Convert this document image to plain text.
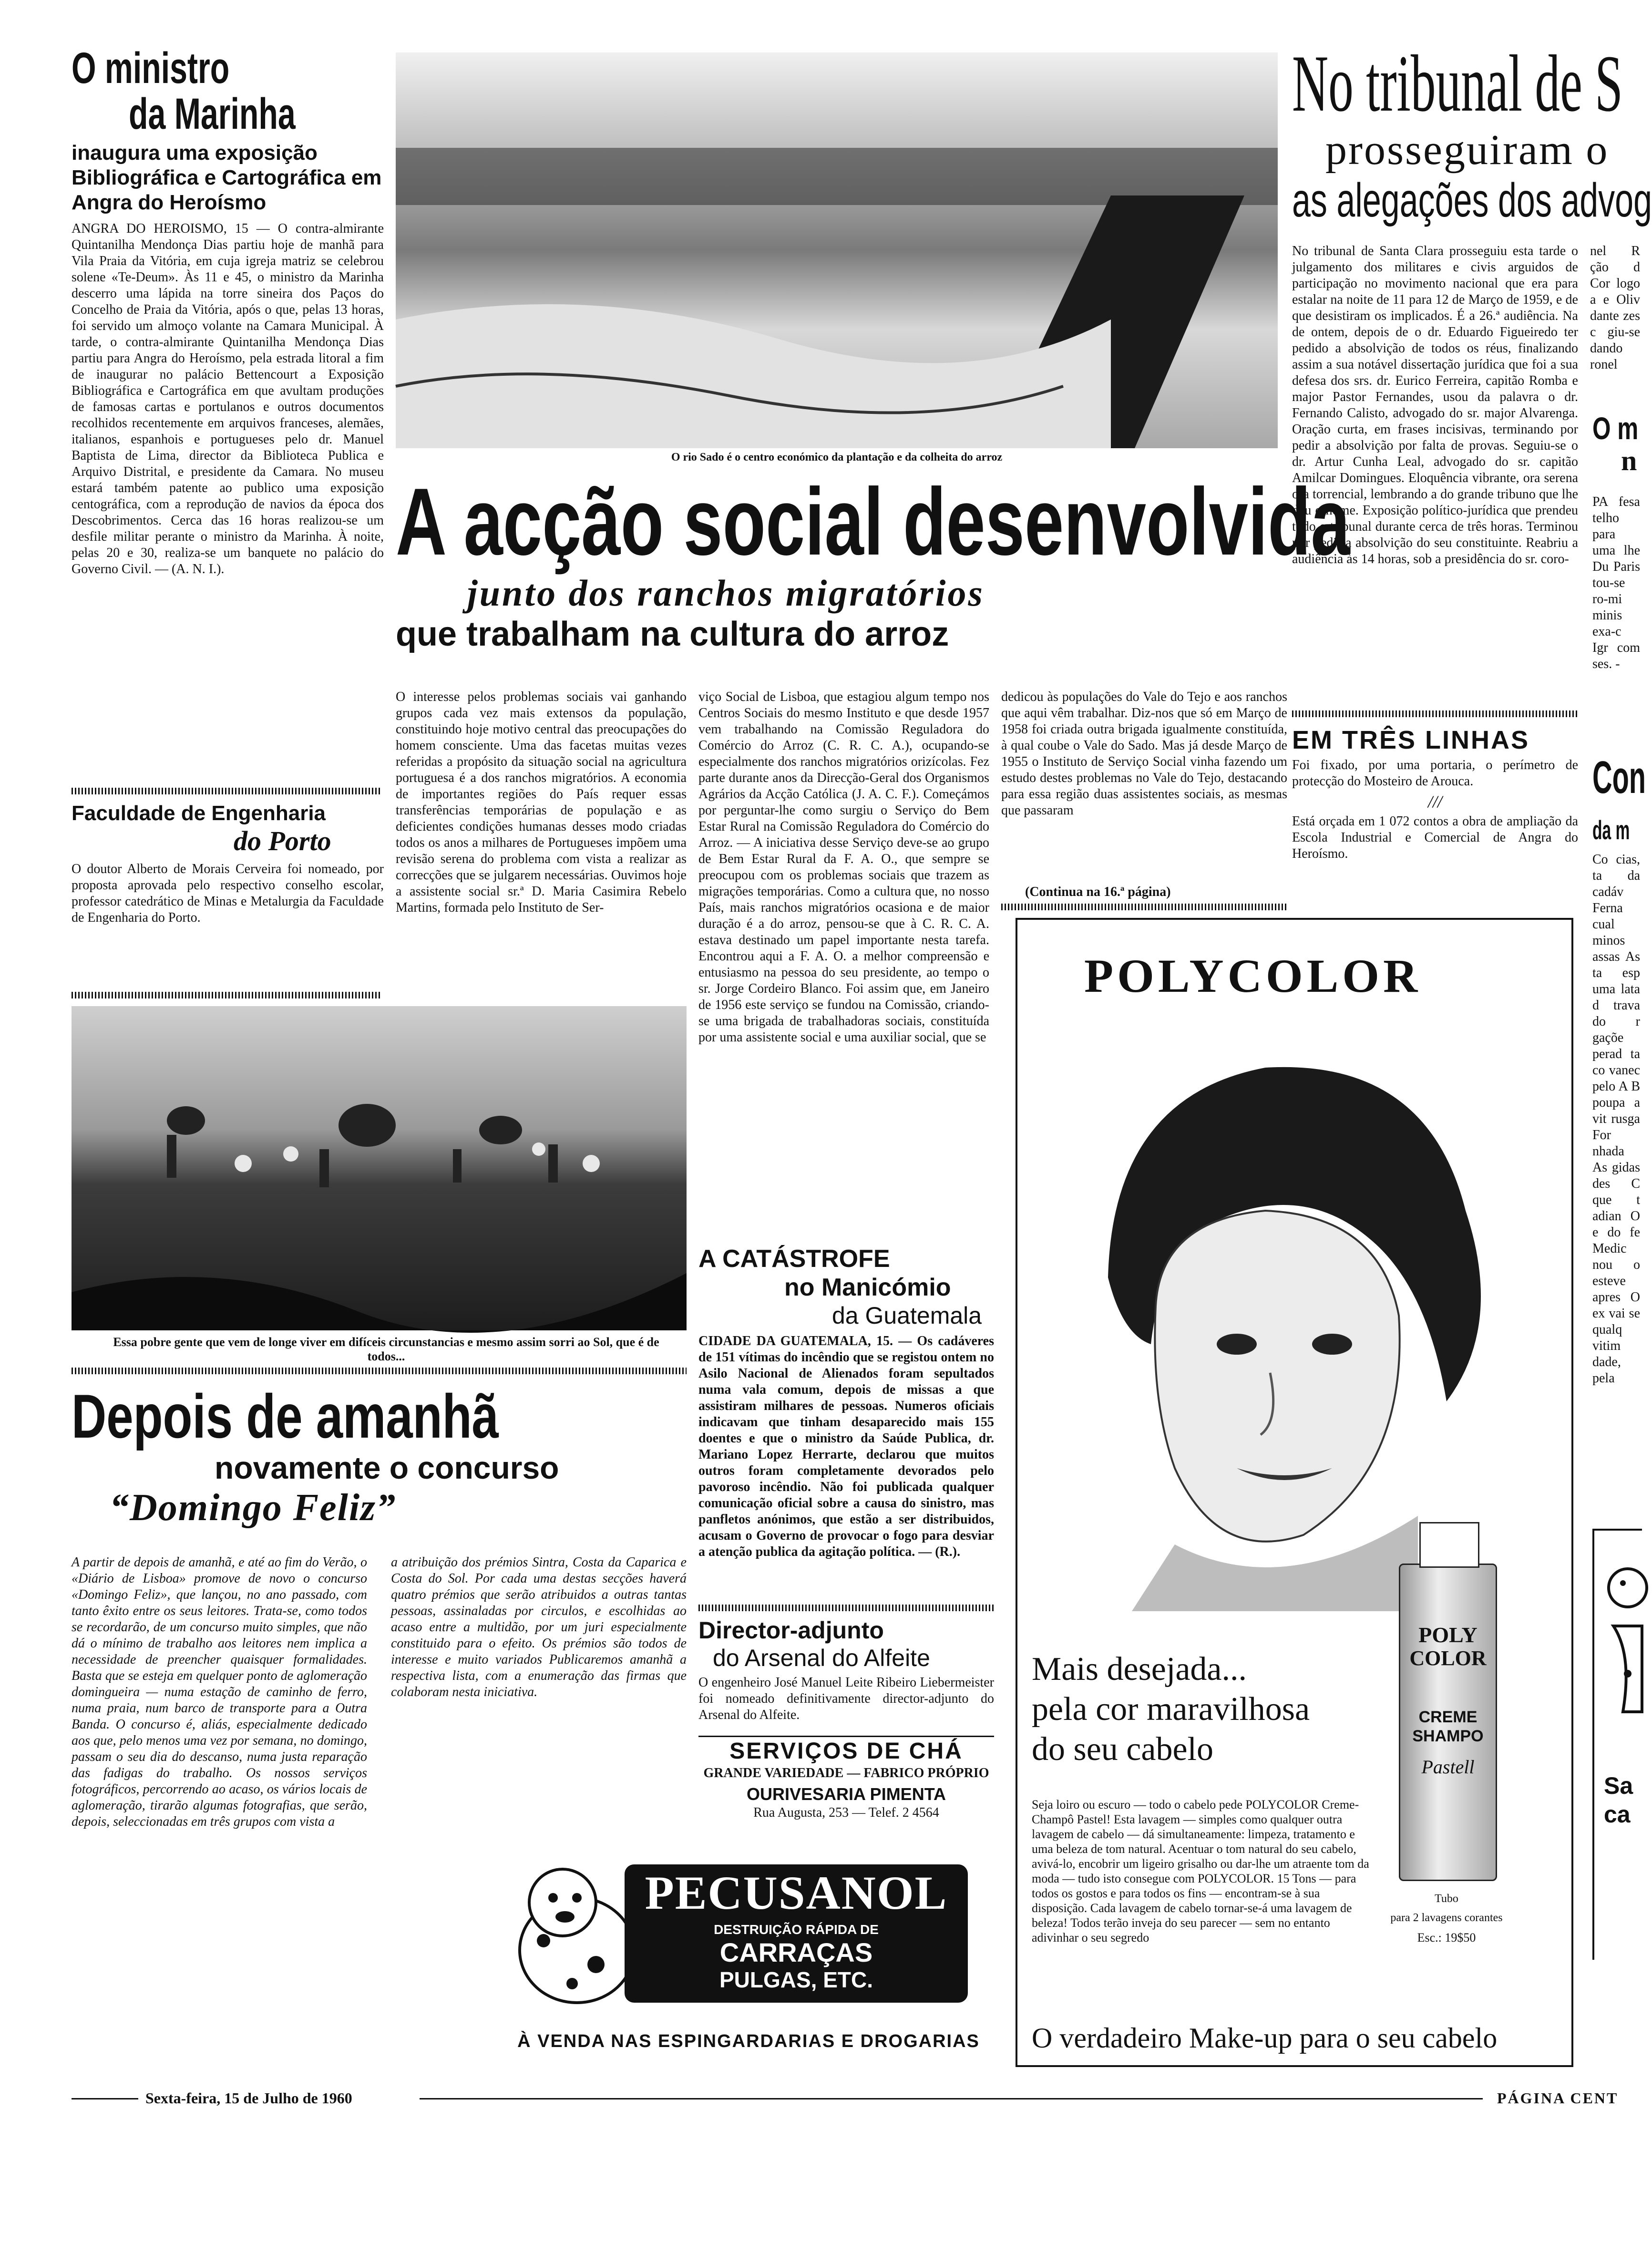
O ministro
da Marinha
inaugura uma exposição Bibliográfica e Cartográfica em Angra do Heroísmo
ANGRA DO HEROISMO, 15 — O contra-almirante Quintanilha Mendonça Dias partiu hoje de manhã para Vila Praia da Vitória, em cuja igreja matriz se celebrou solene «Te-Deum». Às 11 e 45, o ministro da Marinha descerro uma lápida na torre sineira dos Paços do Concelho de Praia da Vitória, após o que, pelas 13 horas, foi servido um almoço volante na Camara Municipal. À tarde, o contra-almirante Quintanilha Mendonça Dias partiu para Angra do Heroísmo, pela estrada litoral a fim de inaugurar no palácio Bettencourt a Exposição Bibliográfica e Cartográfica em que avultam produções de famosas cartas e portulanos e outros documentos recolhidos recentemente em arquivos franceses, alemães, italianos, espanhois e portugueses pelo dr. Manuel Baptista de Lima, director da Biblioteca Publica e Arquivo Distrital, e presidente da Camara. No museu estará também patente ao publico uma exposição centográfica, com a reprodução de navios da época dos Descobrimentos. Cerca das 16 horas realizou-se um desfile militar perante o ministro da Marinha. À noite, pelas 20 e 30, realiza-se um banquete no palácio do Governo Civil. — (A. N. I.).
Faculdade de Engenharia
do Porto
O doutor Alberto de Morais Cerveira foi nomeado, por proposta aprovada pelo respectivo conselho escolar, professor catedrático de Minas e Metalurgia da Faculdade de Engenharia do Porto.
Essa pobre gente que vem de longe viver em difíceis circunstancias e mesmo assim sorri ao Sol, que é de todos...
Depois de amanhã
novamente o concurso
“Domingo Feliz”
A partir de depois de amanhã, e até ao fim do Verão, o «Diário de Lisboa» promove de novo o concurso «Domingo Feliz», que lançou, no ano passado, com tanto êxito entre os seus leitores. Trata-se, como todos se recordarão, de um concurso muito simples, que não dá o mínimo de trabalho aos leitores nem implica a necessidade de preencher quaisquer formalidades. Basta que se esteja em quelquer ponto de aglomeração domingueira — numa estação de caminho de ferro, numa praia, num barco de transporte para a Outra Banda. O concurso é, aliás, especialmente dedicado aos que, pelo menos uma vez por semana, no domingo, passam o seu dia do descanso, numa justa reparação das fadigas do trabalho. Os nossos serviços fotográficos, percorrendo ao acaso, os vários locais de aglomeração, tirarão algumas fotografias, que serão, depois, seleccionadas em três grupos com vista a
a atribuição dos prémios Sintra, Costa da Caparica e Costa do Sol. Por cada uma destas secções haverá quatro prémios que serão atribuidos a outras tantas pessoas, assinaladas por circulos, e escolhidas ao acaso entre a multidão, por um juri especialmente constituido para o efeito. Os prémios são todos de interesse e muito variados Publicaremos amanhã a respectiva lista, com a enumeração das firmas que colaboram nesta iniciativa.
O rio Sado é o centro económico da plantação e da colheita do arroz
A acção social desenvolvida
junto dos ranchos migratórios
que trabalham na cultura do arroz
O interesse pelos problemas sociais vai ganhando grupos cada vez mais extensos da população, constituindo hoje motivo central das preocupações do homem consciente. Uma das facetas muitas vezes referidas a propósito da situação social na agricultura portuguesa é a dos ranchos migratórios. A economia de importantes regiões do País requer essas transferências temporárias de população e as deficientes condições humanas desses modo criadas todos os anos a milhares de Portugueses impõem uma revisão serena do problema com vista a realizar as correcções que se julgarem necessárias. Ouvimos hoje a assistente social sr.ª D. Maria Casimira Rebelo Martins, formada pelo Instituto de Ser-
viço Social de Lisboa, que estagiou algum tempo nos Centros Sociais do mesmo Instituto e que desde 1957 vem trabalhando na Comissão Reguladora do Comércio do Arroz (C. R. C. A.), ocupando-se especialmente dos ranchos migratórios orizícolas. Fez parte durante anos da Direcção-Geral dos Organismos Agrários da Acção Católica (J. A. C. F.). Começámos por perguntar-lhe como surgiu o Serviço do Bem Estar Rural na Comissão Reguladora do Comércio do Arroz. — A iniciativa desse Serviço deve-se ao grupo de Bem Estar Rural da F. A. O., que sempre se preocupou com os problemas sociais que trazem as migrações temporárias. Como a cultura que, no nosso País, mais ranchos migratórios ocasiona e de maior duração é a do arroz, pensou-se que à C. R. C. A. estava destinado um papel importante nesta tarefa. Encontrou aqui a F. A. O. a melhor compreensão e entusiasmo na pessoa do seu presidente, ao tempo o sr. Jorge Cordeiro Blanco. Foi assim que, em Janeiro de 1956 este serviço se fundou na Comissão, criando-se uma brigada de trabalhadoras sociais, constituída por uma assistente social e uma auxiliar social, que se
dedicou às populações do Vale do Tejo e aos ranchos que aqui vêm trabalhar. Diz-nos que só em Março de 1958 foi criada outra brigada igualmente constituída, à qual coube o Vale do Sado. Mas já desde Março de 1955 o Instituto de Serviço Social vinha fazendo um estudo destes problemas no Vale do Tejo, destacando para essa região duas assistentes sociais, as mesmas que passaram
(Continua na 16.ª página)
A CATÁSTROFE
no Manicómio
da Guatemala
CIDADE DA GUATEMALA, 15. — Os cadáveres de 151 vítimas do incêndio que se registou ontem no Asilo Nacional de Alienados foram sepultados numa vala comum, depois de missas a que assistiram milhares de pessoas. Numeros oficiais indicavam que tinham desaparecido mais 155 doentes e que o ministro da Saúde Publica, dr. Mariano Lopez Herrarte, declarou que muitos outros foram completamente devorados pelo pavoroso incêndio. Não foi publicada qualquer comunicação oficial sobre a causa do sinistro, mas panfletos anónimos, que estão a ser distribuidos, acusam o Governo de provocar o fogo para desviar a atenção publica da agitação política. — (R.).
Director-adjunto
do Arsenal do Alfeite
O engenheiro José Manuel Leite Ribeiro Liebermeister foi nomeado definitivamente director-adjunto do Arsenal do Alfeite.
SERVIÇOS DE CHÁ
GRANDE VARIEDADE — FABRICO PRÓPRIO
OURIVESARIA PIMENTA
Rua Augusta, 253 — Telef. 2 4564
PECUSANOL
DESTRUIÇÃO RÁPIDA DE
CARRAÇAS
PULGAS, ETC.
À VENDA NAS ESPINGARDARIAS E DROGARIAS
POLYCOLOR
POLY
COLOR
CREME
SHAMPO
Pastell
Mais desejada...
pela cor maravilhosa
do seu cabelo
Seja loiro ou escuro — todo o cabelo pede POLYCOLOR Creme-Champô Pastel! Esta lavagem — simples como qualquer outra lavagem de cabelo — dá simultaneamente: limpeza, tratamento e uma beleza de tom natural. Acentuar o tom natural do seu cabelo, avivá-lo, encobrir um ligeiro grisalho ou dar-lhe um atraente tom da moda — tudo isto consegue com POLYCOLOR. 15 Tons — para todos os gostos e para todos os fins — encontram-se à sua disposição. Cada lavagem de cabelo tornar-se-á uma lavagem de beleza! Todos terão inveja do seu parecer — sem no entanto adivinhar o seu segredo
Tubo
para 2 lavagens corantes
Esc.: 19$50
O verdadeiro Make-up para o seu cabelo
No tribunal de S
prosseguiram o
as alegações dos advog
No tribunal de Santa Clara prosseguiu esta tarde o julgamento dos militares e civis arguidos de participação no movimento nacional que era para estalar na noite de 11 para 12 de Março de 1959, e de que desistiram os implicados. É a 26.ª audiência. Na de ontem, depois de o dr. Eduardo Figueiredo ter pedido a absolvição de todos os réus, finalizando assim a sua notável dissertação jurídica que foi a sua defesa dos srs. dr. Eurico Ferreira, capitão Romba e major Pastor Fernandes, usou da palavra o dr. Fernando Calisto, advogado do sr. major Alvarenga. Oração curta, em frases incisivas, terminando por pedir a absolvição por falta de provas. Seguiu-se o dr. Artur Cunha Leal, advogado do sr. capitão Amilcar Domingues. Eloquência vibrante, ora serena ora torrencial, lembrando a do grande tribuno que lhe deu o nome. Exposição político-jurídica que prendeu todo o tribunal durante cerca de três horas. Terminou por pedir a absolvição do seu constituinte. Reabriu a audiência às 14 horas, sob a presidência do sr. coro-
nel R ção d Cor logo a e Oliv dante zes c giu-se dando ronel
EM TRÊS LINHAS
Foi fixado, por uma portaria, o perímetro de protecção do Mosteiro de Arouca.
///
Está orçada em 1 072 contos a obra de ampliação da Escola Industrial e Comercial de Angra do Heroísmo.
O m
n
PA fesa telho para uma lhe Du Paris tou-se ro-mi minis exa-c Igr com ses. -
Con
da m
Co cias, ta da cadáv Ferna cual minos assas As ta esp uma lata d trava do r gaçõe perad ta co vanec pelo A B poupa a vit rusga For nhada As gidas des C que t adian O e do fe Medic nou o esteve apres O ex vai se qualq vitim dade, pela
Sa ca
Sexta-feira, 15 de Julho de 1960	PÁGINA CENT
